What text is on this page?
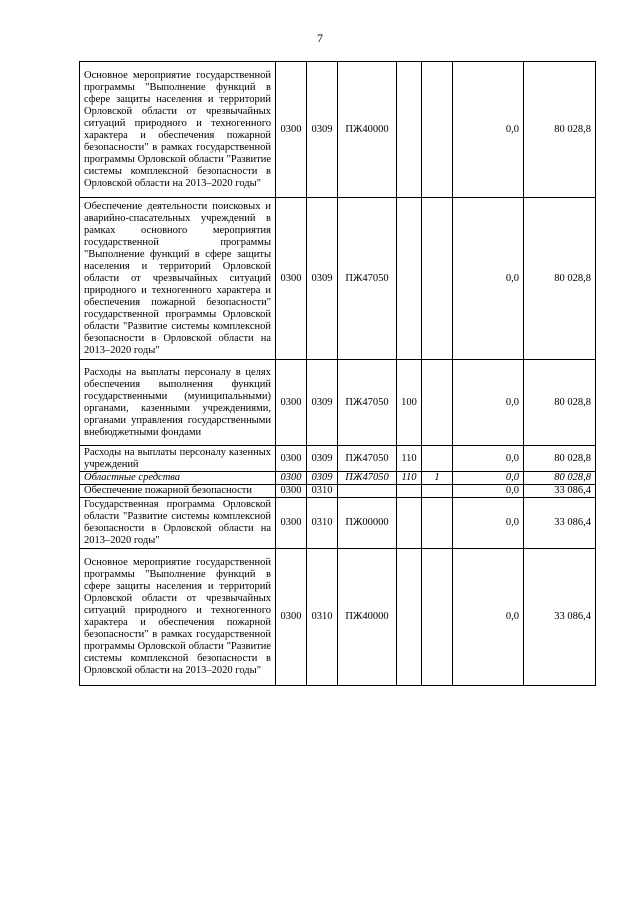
7
Основное мероприятие государственной программы "Выполнение функций в сфере защиты населения и территорий Орловской области от чрезвычайных ситуаций природного и техногенного характера и обеспечения пожарной безопасности" в рамках государственной программы Орловской области "Развитие системы комплексной безопасности в Орловской области на 2013–2020 годы"	0300	0309	ПЖ40000			0,0	80 028,8
Обеспечение деятельности поисковых и аварийно-спасательных учреждений в рамках основного мероприятия государственной программы "Выполнение функций в сфере защиты населения и территорий Орловской области от чрезвычайных ситуаций природного и техногенного характера и обеспечения пожарной безопасности" государственной программы Орловской области "Развитие системы комплексной безопасности в Орловской области на 2013–2020 годы"	0300	0309	ПЖ47050			0,0	80 028,8
Расходы на выплаты персоналу в целях обеспечения выполнения функций государственными (муниципальными) органами, казенными учреждениями, органами управления государственными внебюджетными фондами	0300	0309	ПЖ47050	100		0,0	80 028,8
Расходы на выплаты персоналу казенных учреждений	0300	0309	ПЖ47050	110		0,0	80 028,8
Областные средства	0300	0309	ПЖ47050	110	1	0,0	80 028,8
Обеспечение пожарной безопасности	0300	0310				0,0	33 086,4
Государственная программа Орловской области "Развитие системы комплексной безопасности в Орловской области на 2013–2020 годы"	0300	0310	ПЖ00000			0,0	33 086,4
Основное мероприятие государственной программы "Выполнение функций в сфере защиты населения и территорий Орловской области от чрезвычайных ситуаций природного и техногенного характера и обеспечения пожарной безопасности" в рамках государственной программы Орловской области "Развитие системы комплексной безопасности в Орловской области на 2013–2020 годы"	0300	0310	ПЖ40000			0,0	33 086,4
